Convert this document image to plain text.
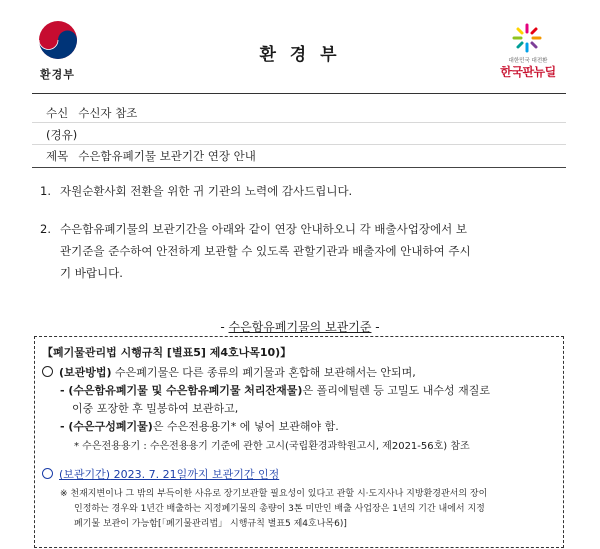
환경부
환 경 부	대한민국 대전환
한국판뉴딜
수신 수신자 참조
(경유)
제목 수은함유폐기물 보관기간 연장 안내
1. 자원순환사회 전환을 위한 귀 기관의 노력에 감사드립니다.
2. 수은함유폐기물의 보관기간을 아래와 같이 연장 안내하오니 각 배출사업장에서 보
관기준을 준수하여 안전하게 보관할 수 있도록 관할기관과 배출자에 안내하여 주시
기 바랍니다.
- 수은함유폐기물의 보관기준 -
【폐기물관리법 시행규칙 [별표5] 제4호나목10)】
(보관방법) 수은폐기물은 다른 종류의 폐기물과 혼합해 보관해서는 안되며,
- (수은함유폐기물 및 수은함유폐기물 처리잔재물)은 폴리에틸렌 등 고밀도 내수성 재질로
이중 포장한 후 밀봉하여 보관하고,
- (수은구성폐기물)은 수은전용용기* 에 넣어 보관해야 함.
* 수은전용용기 : 수은전용용기 기준에 관한 고시(국립환경과학원고시, 제2021-56호) 참조
(보관기간) 2023. 7. 21일까지 보관기간 인정
※ 천재지변이나 그 밖의 부득이한 사유로 장기보관할 필요성이 있다고 관할 시·도지사나 지방환경관서의 장이
인정하는 경우와 1년간 배출하는 지정폐기물의 총량이 3톤 미만인 배출 사업장은 1년의 기간 내에서 지정
폐기물 보관이 가능함[「폐기물관리법」 시행규칙 별표5 제4호나목6)]
